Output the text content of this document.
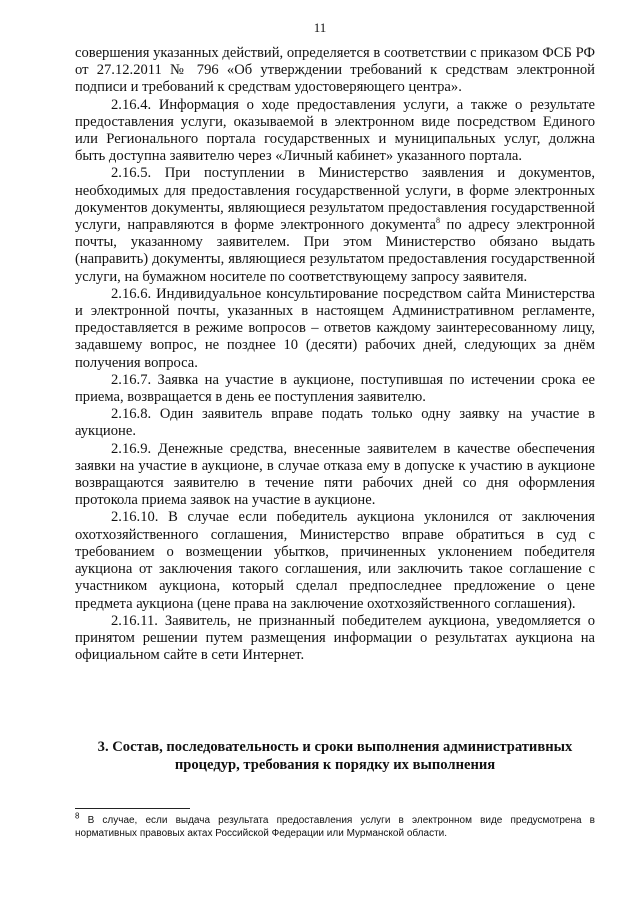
11

совершения указанных действий, определяется в соответствии с приказом ФСБ РФ от 27.12.2011 № 796 «Об утверждении требований к средствам электронной подписи и требований к средствам удостоверяющего центра».

2.16.4. Информация о ходе предоставления услуги, а также о результате предоставления услуги, оказываемой в электронном виде посредством Единого или Регионального портала государственных и муниципальных услуг, должна быть доступна заявителю через «Личный кабинет» указанного портала.

2.16.5. При поступлении в Министерство заявления и документов, необходимых для предоставления государственной услуги, в форме электронных документов документы, являющиеся результатом предоставления государственной услуги, направляются в форме электронного документа$^8$ по адресу электронной почты, указанному заявителем. При этом Министерство обязано выдать (направить) документы, являющиеся результатом предоставления государственной услуги, на бумажном носителе по соответствующему запросу заявителя.

2.16.6. Индивидуальное консультирование посредством сайта Министерства и электронной почты, указанных в настоящем Административном регламенте, предоставляется в режиме вопросов – ответов каждому заинтересованному лицу, задавшему вопрос, не позднее 10 (десяти) рабочих дней, следующих за днём получения вопроса.

2.16.7. Заявка на участие в аукционе, поступившая по истечении срока ее приема, возвращается в день ее поступления заявителю.

2.16.8. Один заявитель вправе подать только одну заявку на участие в аукционе.

2.16.9. Денежные средства, внесенные заявителем в качестве обеспечения заявки на участие в аукционе, в случае отказа ему в допуске к участию в аукционе возвращаются заявителю в течение пяти рабочих дней со дня оформления протокола приема заявок на участие в аукционе.

2.16.10. В случае если победитель аукциона уклонился от заключения охотхозяйственного соглашения, Министерство вправе обратиться в суд с требованием о возмещении убытков, причиненных уклонением победителя аукциона от заключения такого соглашения, или заключить такое соглашение с участником аукциона, который сделал предпоследнее предложение о цене предмета аукциона (цене права на заключение охотхозяйственного соглашения).

2.16.11. Заявитель, не признанный победителем аукциона, уведомляется о принятом решении путем размещения информации о результатах аукциона на официальном сайте в сети Интернет.

3. Состав, последовательность и сроки выполнения административных
процедур, требования к порядку их выполнения
$^8$ В случае, если выдача результата предоставления услуги в электронном виде предусмотрена в нормативных правовых актах Российской Федерации или Мурманской области.
